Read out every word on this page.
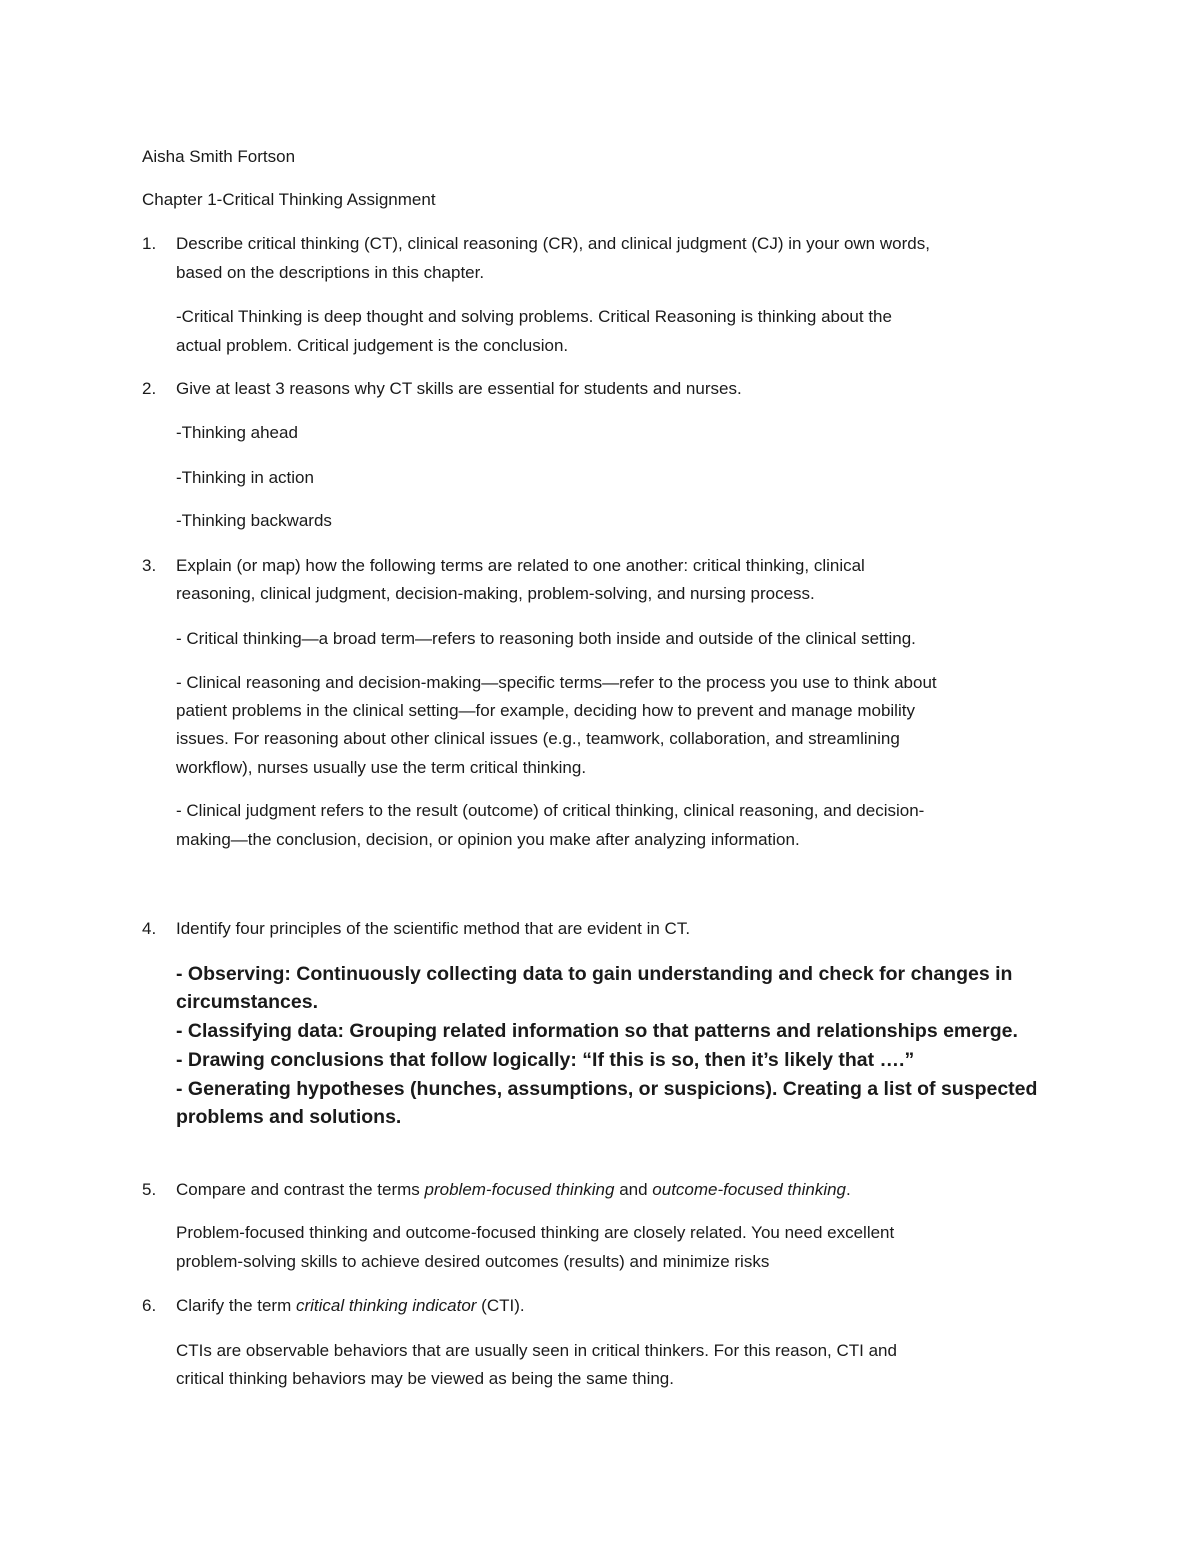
Aisha Smith Fortson
Chapter 1-Critical Thinking Assignment
1. Describe critical thinking (CT), clinical reasoning (CR), and clinical judgment (CJ) in your own words,
based on the descriptions in this chapter.
-Critical Thinking is deep thought and solving problems. Critical Reasoning is thinking about the
actual problem. Critical judgement is the conclusion.
2. Give at least 3 reasons why CT skills are essential for students and nurses.
-Thinking ahead
-Thinking in action
-Thinking backwards
3. Explain (or map) how the following terms are related to one another: critical thinking, clinical
reasoning, clinical judgment, decision-making, problem-solving, and nursing process.
- Critical thinking—a broad term—refers to reasoning both inside and outside of the clinical setting.
- Clinical reasoning and decision-making—specific terms—refer to the process you use to think about
patient problems in the clinical setting—for example, deciding how to prevent and manage mobility
issues. For reasoning about other clinical issues (e.g., teamwork, collaboration, and streamlining
workflow), nurses usually use the term critical thinking.
- Clinical judgment refers to the result (outcome) of critical thinking, clinical reasoning, and decision-
making—the conclusion, decision, or opinion you make after analyzing information.
4. Identify four principles of the scientific method that are evident in CT.
- Observing: Continuously collecting data to gain understanding and check for changes in
circumstances.
- Classifying data: Grouping related information so that patterns and relationships emerge.
- Drawing conclusions that follow logically: “If this is so, then it’s likely that ….”
- Generating hypotheses (hunches, assumptions, or suspicions). Creating a list of suspected
problems and solutions.
5. Compare and contrast the terms problem-focused thinking and outcome-focused thinking.
Problem-focused thinking and outcome-focused thinking are closely related. You need excellent
problem-solving skills to achieve desired outcomes (results) and minimize risks
6. Clarify the term critical thinking indicator (CTI).
CTIs are observable behaviors that are usually seen in critical thinkers. For this reason, CTI and
critical thinking behaviors may be viewed as being the same thing.
